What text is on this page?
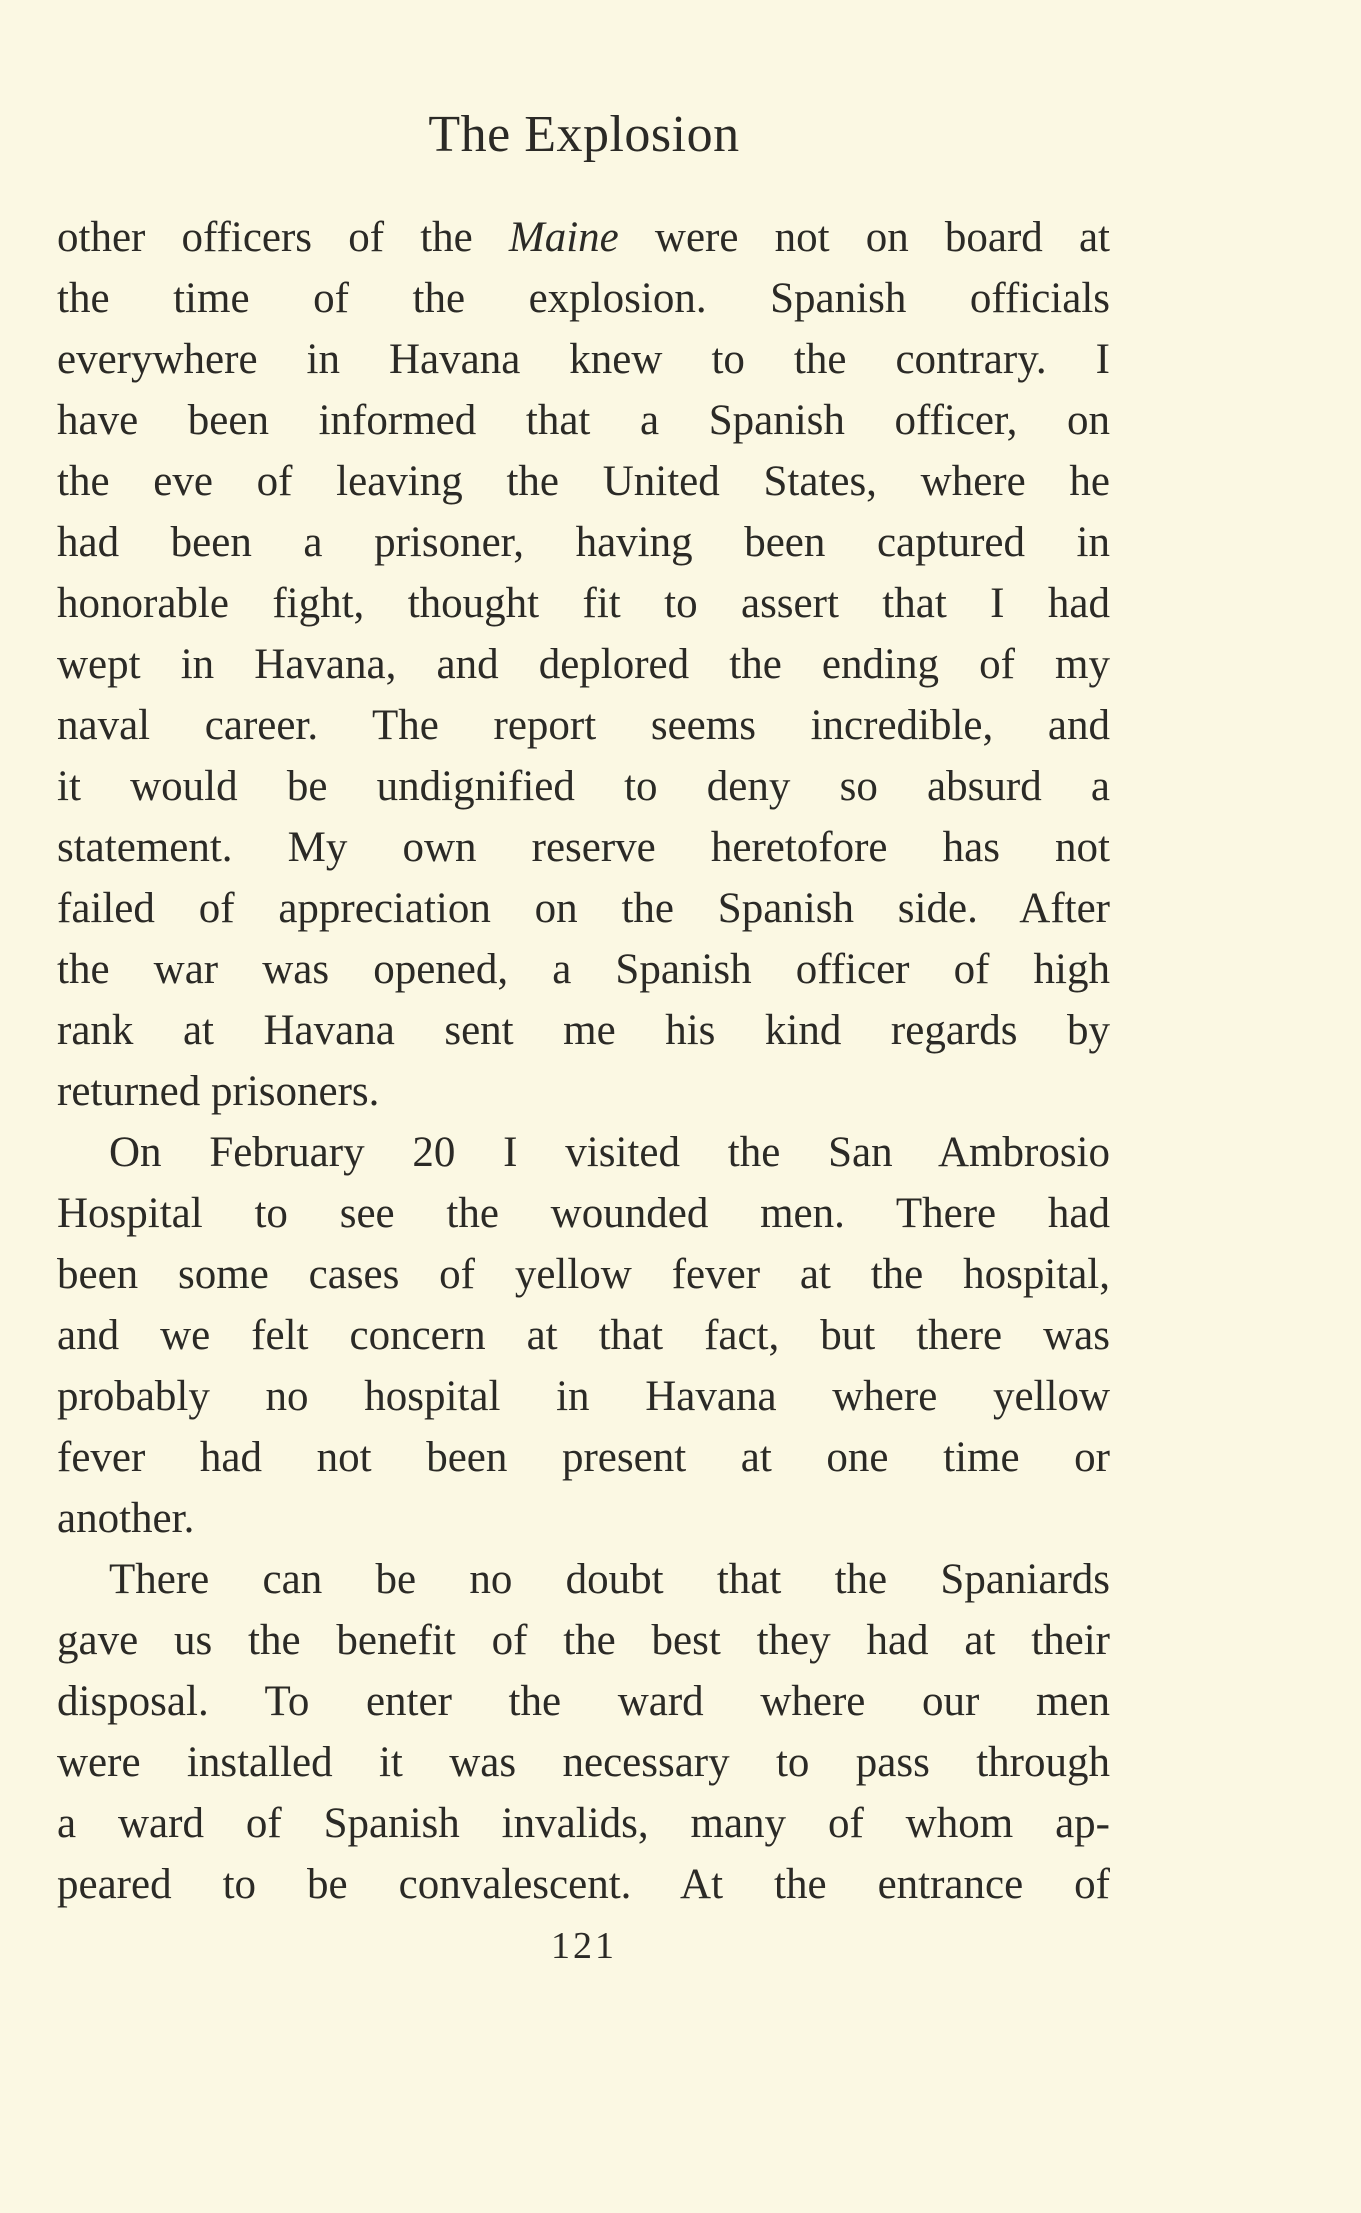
The Explosion
other officers of the Maine were not on board at
the time of the explosion. Spanish officials
everywhere in Havana knew to the contrary. I
have been informed that a Spanish officer, on
the eve of leaving the United States, where he
had been a prisoner, having been captured in
honorable fight, thought fit to assert that I had
wept in Havana, and deplored the ending of my
naval career. The report seems incredible, and
it would be undignified to deny so absurd a
statement. My own reserve heretofore has not
failed of appreciation on the Spanish side. After
the war was opened, a Spanish officer of high
rank at Havana sent me his kind regards by
returned prisoners.
On February 20 I visited the San Ambrosio
Hospital to see the wounded men. There had
been some cases of yellow fever at the hospital,
and we felt concern at that fact, but there was
probably no hospital in Havana where yellow
fever had not been present at one time or
another.
There can be no doubt that the Spaniards
gave us the benefit of the best they had at their
disposal. To enter the ward where our men
were installed it was necessary to pass through
a ward of Spanish invalids, many of whom ap-
peared to be convalescent. At the entrance of
121
